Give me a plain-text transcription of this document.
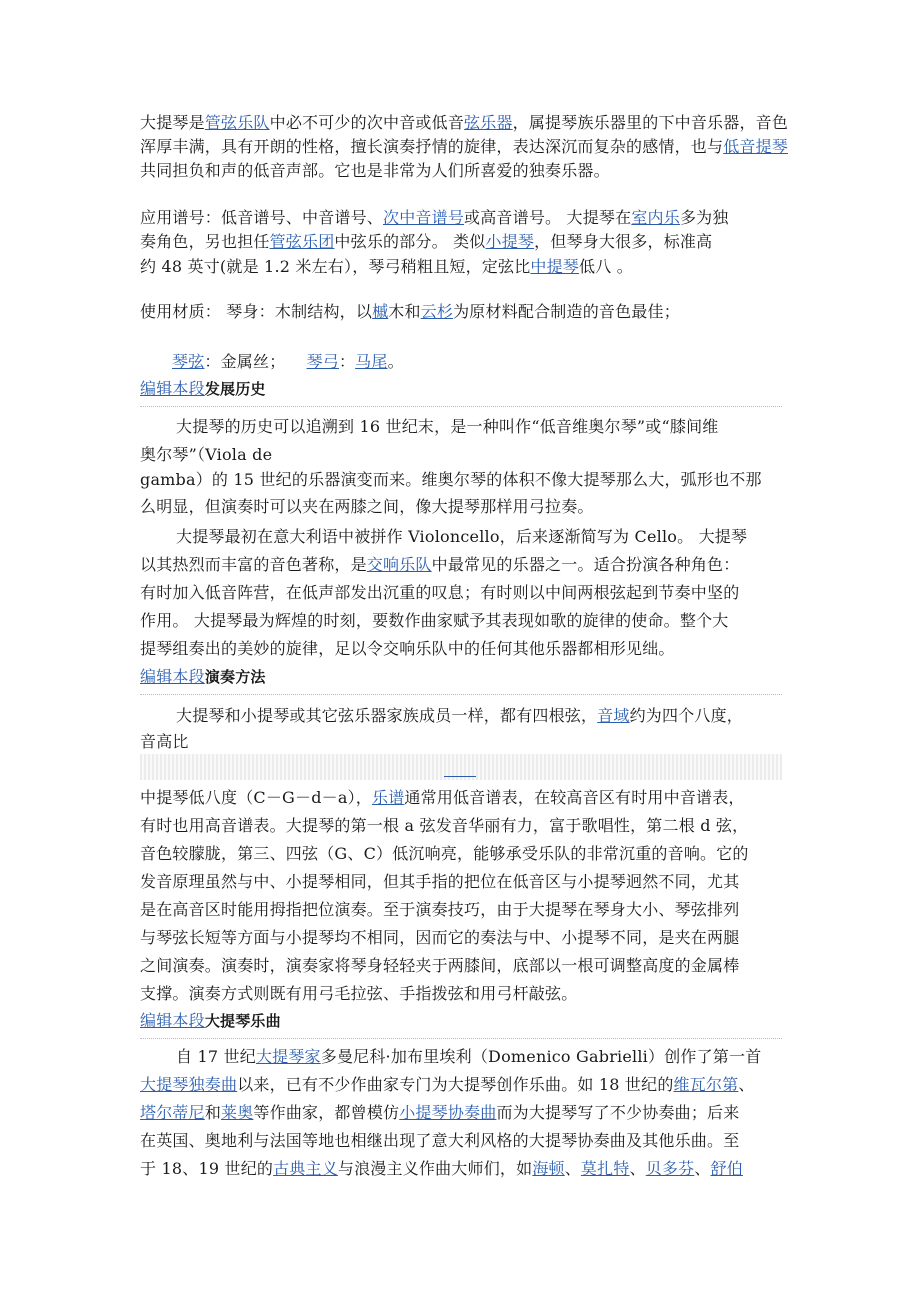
大提琴是管弦乐队中必不可少的次中音或低音弦乐器，属提琴族乐器里的下中音乐器，音色
浑厚丰满，具有开朗的性格，擅长演奏抒情的旋律，表达深沉而复杂的感情，也与低音提琴
共同担负和声的低音声部。它也是非常为人们所喜爱的独奏乐器。
应用谱号：低音谱号、中音谱号、次中音谱号或高音谱号。 大提琴在室内乐多为独
奏角色，另也担任管弦乐团中弦乐的部分。 类似小提琴，但琴身大很多，标准高
约 48 英寸(就是 1.2 米左右），琴弓稍粗且短，定弦比中提琴低八 。
使用材质： 琴身：木制结构，以槭木和云杉为原材料配合制造的音色最佳；
琴弦：金属丝；    琴弓：马尾。
编辑本段发展历史
大提琴的历史可以追溯到 16 世纪末，是一种叫作“低音维奥尔琴”或“膝间维
奥尔琴”（Viola de
gamba）的 15 世纪的乐器演变而来。维奥尔琴的体积不像大提琴那么大，弧形也不那
么明显，但演奏时可以夹在两膝之间，像大提琴那样用弓拉奏。
大提琴最初在意大利语中被拼作 Violoncello，后来逐渐简写为 Cello。 大提琴
以其热烈而丰富的音色著称，是交响乐队中最常见的乐器之一。适合扮演各种角色：
有时加入低音阵营，在低声部发出沉重的叹息；有时则以中间两根弦起到节奏中坚的
作用。 大提琴最为辉煌的时刻，要数作曲家赋予其表现如歌的旋律的使命。整个大
提琴组奏出的美妙的旋律，足以令交响乐队中的任何其他乐器都相形见绌。
编辑本段演奏方法
大提琴和小提琴或其它弦乐器家族成员一样，都有四根弦，音域约为四个八度，
音高比
中提琴低八度（C－G－d－a），乐谱通常用低音谱表，在较高音区有时用中音谱表，
有时也用高音谱表。大提琴的第一根 a 弦发音华丽有力，富于歌唱性，第二根 d 弦，
音色较朦胧，第三、四弦（G、C）低沉响亮，能够承受乐队的非常沉重的音响。它的
发音原理虽然与中、小提琴相同，但其手指的把位在低音区与小提琴迥然不同，尤其
是在高音区时能用拇指把位演奏。至于演奏技巧，由于大提琴在琴身大小、琴弦排列
与琴弦长短等方面与小提琴均不相同，因而它的奏法与中、小提琴不同，是夹在两腿
之间演奏。演奏时，演奏家将琴身轻轻夹于两膝间，底部以一根可调整高度的金属棒
支撑。演奏方式则既有用弓毛拉弦、手指拨弦和用弓杆敲弦。
编辑本段大提琴乐曲
自 17 世纪大提琴家多曼尼科·加布里埃利（Domenico Gabrielli）创作了第一首
大提琴独奏曲以来，已有不少作曲家专门为大提琴创作乐曲。如 18 世纪的维瓦尔第、
塔尔蒂尼和莱奥等作曲家，都曾模仿小提琴协奏曲而为大提琴写了不少协奏曲；后来
在英国、奥地利与法国等地也相继出现了意大利风格的大提琴协奏曲及其他乐曲。至
于 18、19 世纪的古典主义与浪漫主义作曲大师们，如海顿、莫扎特、贝多芬、舒伯
